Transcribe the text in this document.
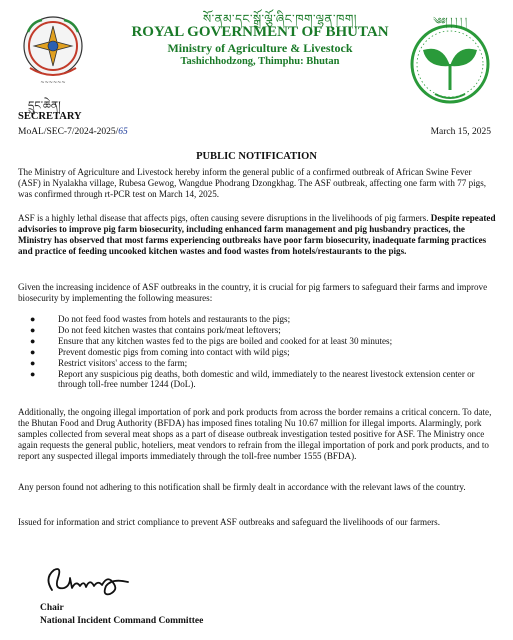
~~~~~~
སོ་ནམ་དང་སྒྲོ་ལྕོ་ཞིང་ཁག་ལྷན་ཁག།
ROYAL GOVERNMENT OF BHUTAN
Ministry of Agriculture & Livestock
Tashichhodzong, Thimphu: Bhutan
༄༅། ། ། ། །
དྲུང་ཆེན།
SECRETARY
MoAL/SEC-7/2024-2025/65	March 15, 2025
PUBLIC NOTIFICATION

The Ministry of Agriculture and Livestock hereby inform the general public of a confirmed outbreak of African Swine Fever (ASF) in Nyalakha village, Rubesa Gewog, Wangdue Phodrang Dzongkhag. The ASF outbreak, affecting one farm with 77 pigs, was confirmed through rt-PCR test on March 14, 2025.

ASF is a highly lethal disease that affects pigs, often causing severe disruptions in the livelihoods of pig farmers. Despite repeated advisories to improve pig farm biosecurity, including enhanced farm management and pig husbandry practices, the Ministry has observed that most farms experiencing outbreaks have poor farm biosecurity, inadequate farming practices and practice of feeding uncooked kitchen wastes and food wastes from hotels/restaurants to the pigs.

Given the increasing incidence of ASF outbreaks in the country, it is crucial for pig farmers to safeguard their farms and improve biosecurity by implementing the following measures:

● Do not feed food wastes from hotels and restaurants to the pigs;
● Do not feed kitchen wastes that contains pork/meat leftovers;
● Ensure that any kitchen wastes fed to the pigs are boiled and cooked for at least 30 minutes;
● Prevent domestic pigs from coming into contact with wild pigs;
● Restrict visitors' access to the farm;
● Report any suspicious pig deaths, both domestic and wild, immediately to the nearest livestock extension center or through toll-free number 1244 (DoL).

Additionally, the ongoing illegal importation of pork and pork products from across the border remains a critical concern. To date, the Bhutan Food and Drug Authority (BFDA) has imposed fines totaling Nu 10.67 million for illegal imports. Alarmingly, pork samples collected from several meat shops as a part of disease outbreak investigation tested positive for ASF. The Ministry once again requests the general public, hoteliers, meat vendors to refrain from the illegal importation of pork and pork products, and to report any suspected illegal imports immediately through the toll-free number 1555 (BFDA).

Any person found not adhering to this notification shall be firmly dealt in accordance with the relevant laws of the country.

Issued for information and strict compliance to prevent ASF outbreaks and safeguard the livelihoods of our farmers.

Chair
National Incident Command Committee
